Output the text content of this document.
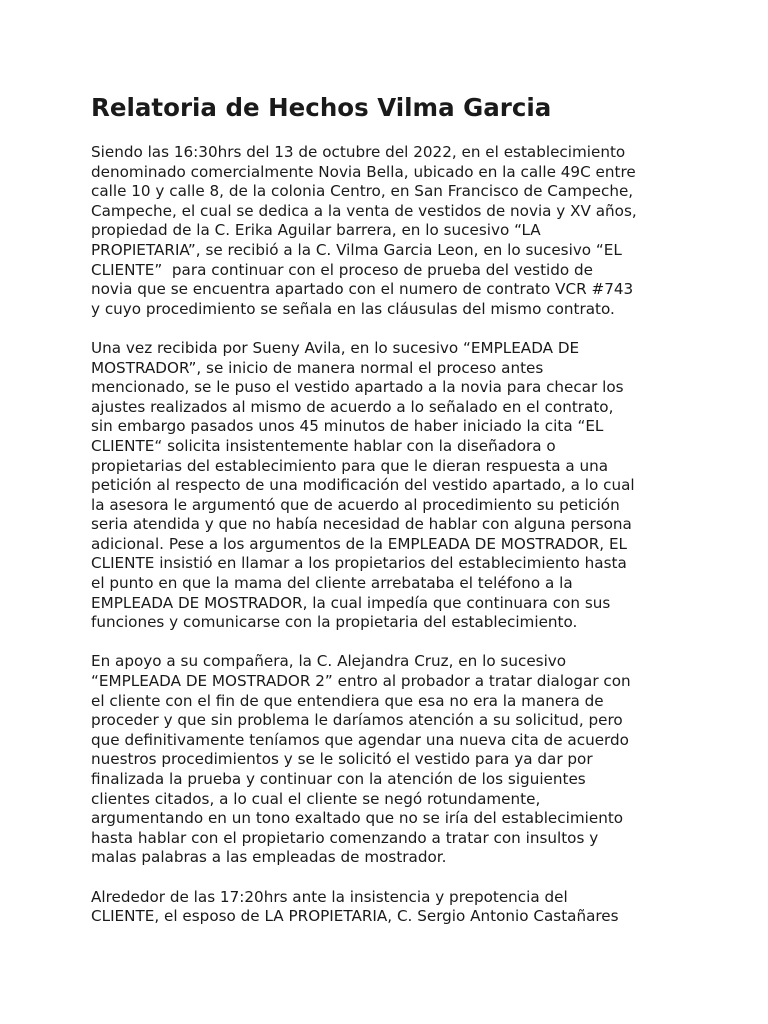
Relatoria de Hechos Vilma Garcia
Siendo las 16:30hrs del 13 de octubre del 2022, en el establecimiento
denominado comercialmente Novia Bella, ubicado en la calle 49C entre
calle 10 y calle 8, de la colonia Centro, en San Francisco de Campeche,
Campeche, el cual se dedica a la venta de vestidos de novia y XV años,
propiedad de la C. Erika Aguilar barrera, en lo sucesivo “LA
PROPIETARIA”, se recibió a la C. Vilma Garcia Leon, en lo sucesivo “EL
CLIENTE”  para continuar con el proceso de prueba del vestido de
novia que se encuentra apartado con el numero de contrato VCR #743
y cuyo procedimiento se señala en las cláusulas del mismo contrato.
Una vez recibida por Sueny Avila, en lo sucesivo “EMPLEADA DE
MOSTRADOR”, se inicio de manera normal el proceso antes
mencionado, se le puso el vestido apartado a la novia para checar los
ajustes realizados al mismo de acuerdo a lo señalado en el contrato,
sin embargo pasados unos 45 minutos de haber iniciado la cita “EL
CLIENTE“ solicita insistentemente hablar con la diseñadora o
propietarias del establecimiento para que le dieran respuesta a una
petición al respecto de una modificación del vestido apartado, a lo cual
la asesora le argumentó que de acuerdo al procedimiento su petición
seria atendida y que no había necesidad de hablar con alguna persona
adicional. Pese a los argumentos de la EMPLEADA DE MOSTRADOR, EL
CLIENTE insistió en llamar a los propietarios del establecimiento hasta
el punto en que la mama del cliente arrebataba el teléfono a la
EMPLEADA DE MOSTRADOR, la cual impedía que continuara con sus
funciones y comunicarse con la propietaria del establecimiento.
En apoyo a su compañera, la C. Alejandra Cruz, en lo sucesivo
“EMPLEADA DE MOSTRADOR 2” entro al probador a tratar dialogar con
el cliente con el fin de que entendiera que esa no era la manera de
proceder y que sin problema le daríamos atención a su solicitud, pero
que definitivamente teníamos que agendar una nueva cita de acuerdo
nuestros procedimientos y se le solicitó el vestido para ya dar por
finalizada la prueba y continuar con la atención de los siguientes
clientes citados, a lo cual el cliente se negó rotundamente,
argumentando en un tono exaltado que no se iría del establecimiento
hasta hablar con el propietario comenzando a tratar con insultos y
malas palabras a las empleadas de mostrador.
Alrededor de las 17:20hrs ante la insistencia y prepotencia del
CLIENTE, el esposo de LA PROPIETARIA, C. Sergio Antonio Castañares
